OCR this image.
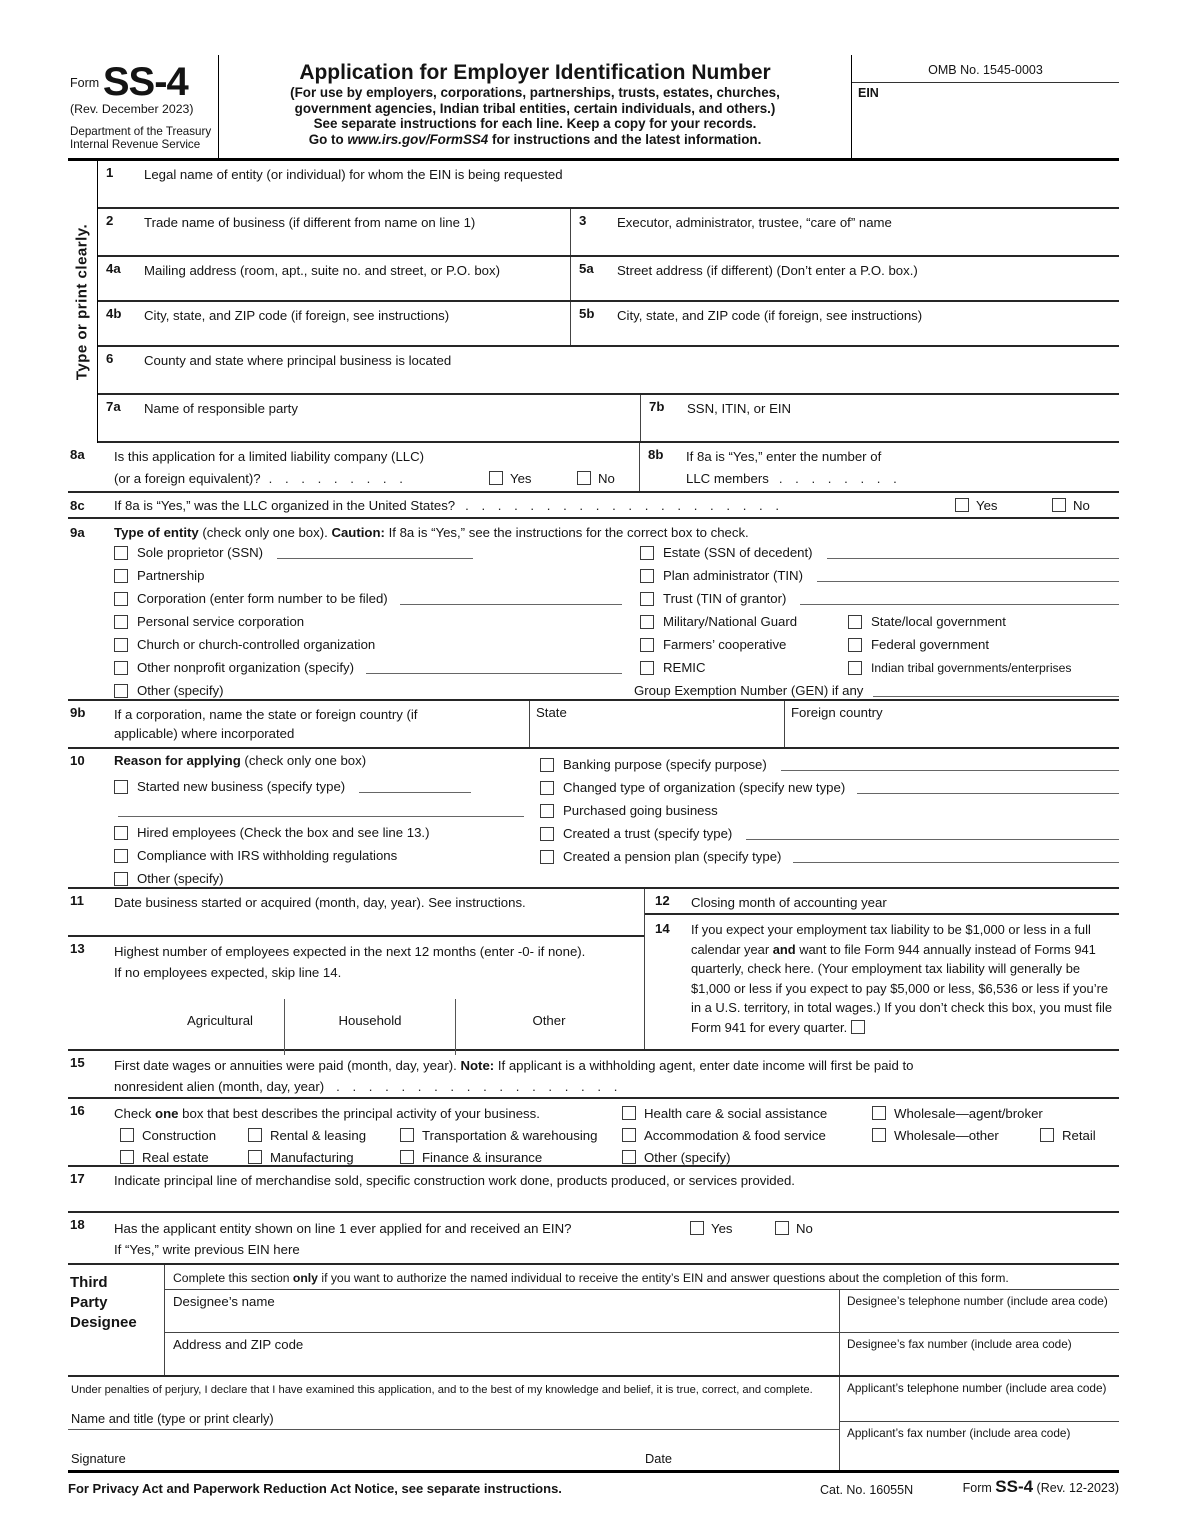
Form SS-4
(Rev. December 2023)
Department of the Treasury
Internal Revenue Service
Application for Employer Identification Number
(For use by employers, corporations, partnerships, trusts, estates, churches,
government agencies, Indian tribal entities, certain individuals, and others.)
See separate instructions for each line. Keep a copy for your records.
Go to www.irs.gov/FormSS4 for instructions and the latest information.
OMB No. 1545-0003
EIN
Type or print clearly.
1	Legal name of entity (or individual) for whom the EIN is being requested
2	Trade name of business (if different from name on line 1)	3	Executor, administrator, trustee, “care of” name
4a	Mailing address (room, apt., suite no. and street, or P.O. box)	5a	Street address (if different) (Don’t enter a P.O. box.)
4b	City, state, and ZIP code (if foreign, see instructions)	5b	City, state, and ZIP code (if foreign, see instructions)
6	County and state where principal business is located
7a	Name of responsible party	7b	SSN, ITIN, or EIN
8a	Is this application for a limited liability company (LLC)
(or a foreign equivalent)? . . . . . . . . .	Yes	No
8b	If 8a is “Yes,” enter the number of
LLC members . . . . . . . .
8c	If 8a is “Yes,” was the LLC organized in the United States? . . . . . . . . . . . . . . . . . . . .	Yes	No
9a	Type of entity (check only one box). Caution: If 8a is “Yes,” see the instructions for the correct box to check.
Sole proprietor (SSN)
Partnership
Corporation (enter form number to be filed)
Personal service corporation
Church or church-controlled organization
Other nonprofit organization (specify)
Other (specify)
Estate (SSN of decedent)
Plan administrator (TIN)
Trust (TIN of grantor)
Military/National Guard	State/local government
Farmers’ cooperative	Federal government
REMIC	Indian tribal governments/enterprises
Group Exemption Number (GEN) if any
9b	If a corporation, name the state or foreign country (if
applicable) where incorporated
State	Foreign country
10	Reason for applying (check only one box)
Started new business (specify type)
Hired employees (Check the box and see line 13.)
Compliance with IRS withholding regulations
Other (specify)
Banking purpose (specify purpose)
Changed type of organization (specify new type)
Purchased going business
Created a trust (specify type)
Created a pension plan (specify type)
11	Date business started or acquired (month, day, year). See instructions.
13	Highest number of employees expected in the next 12 months (enter -0- if none).
If no employees expected, skip line 14.
Agricultural	Household	Other
12	Closing month of accounting year
14	If you expect your employment tax liability to be $1,000 or less in a full calendar year and want to file Form 944 annually instead of Forms 941 quarterly, check here. (Your employment tax liability will generally be $1,000 or less if you expect to pay $5,000 or less, $6,536 or less if you’re in a U.S. territory, in total wages.) If you don’t check this box, you must file Form 941 for every quarter.
15	First date wages or annuities were paid (month, day, year). Note: If applicant is a withholding agent, enter date income will first be paid to
nonresident alien (month, day, year) . . . . . . . . . . . . . . . . . .
16	Check one box that best describes the principal activity of your business.	Health care & social assistance	Wholesale—agent/broker
Construction	Rental & leasing	Transportation & warehousing	Accommodation & food service	Wholesale—other	Retail
Real estate	Manufacturing	Finance & insurance	Other (specify)
17	Indicate principal line of merchandise sold, specific construction work done, products produced, or services provided.
18	Has the applicant entity shown on line 1 ever applied for and received an EIN?	Yes	No
If “Yes,” write previous EIN here
Third
Party
Designee
Complete this section only if you want to authorize the named individual to receive the entity’s EIN and answer questions about the completion of this form.
Designee’s name	Designee’s telephone number (include area code)
Address and ZIP code	Designee’s fax number (include area code)
Under penalties of perjury, I declare that I have examined this application, and to the best of my knowledge and belief, it is true, correct, and complete.
Name and title (type or print clearly)
Signature	Date
Applicant’s telephone number (include area code)
Applicant’s fax number (include area code)
For Privacy Act and Paperwork Reduction Act Notice, see separate instructions.	Cat. No. 16055N	Form SS-4 (Rev. 12-2023)
